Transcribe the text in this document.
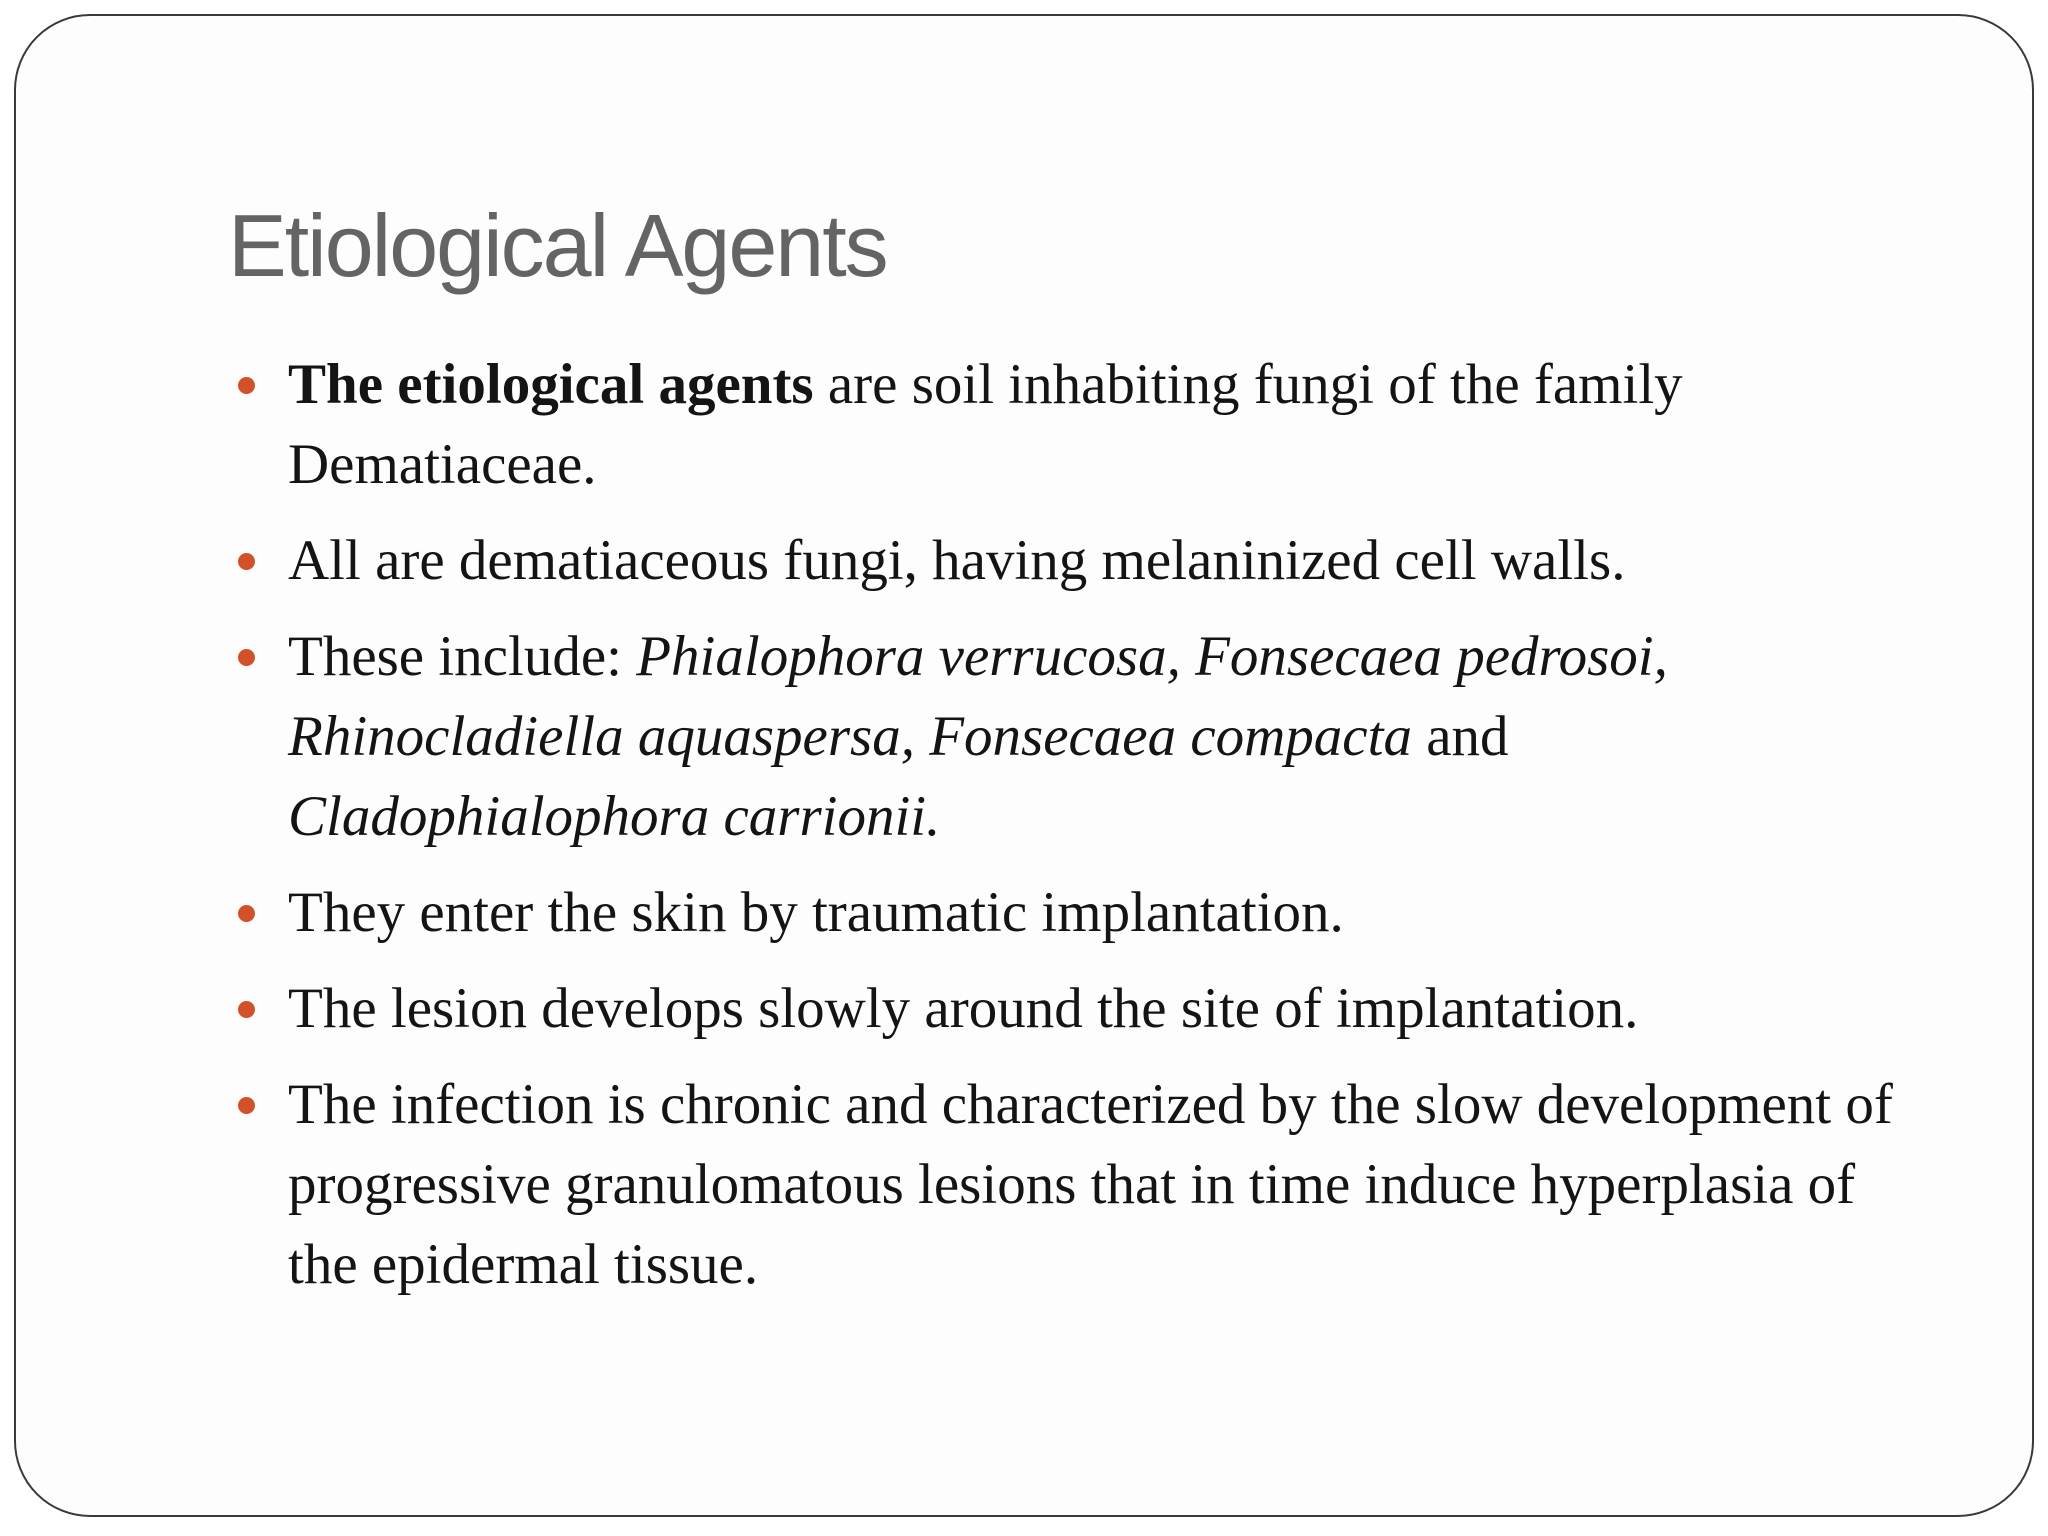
Etiological Agents
The etiological agents are soil inhabiting fungi of the family Dematiaceae.
All are dematiaceous fungi, having melaninized cell walls.
These include: Phialophora verrucosa, Fonsecaea pedrosoi, Rhinocladiella aquaspersa, Fonsecaea compacta and Cladophialophora carrionii.
They enter the skin by traumatic implantation.
The lesion develops slowly around the site of implantation.
The infection is chronic and characterized by the slow development of progressive granulomatous lesions that in time induce hyperplasia of the epidermal tissue.
